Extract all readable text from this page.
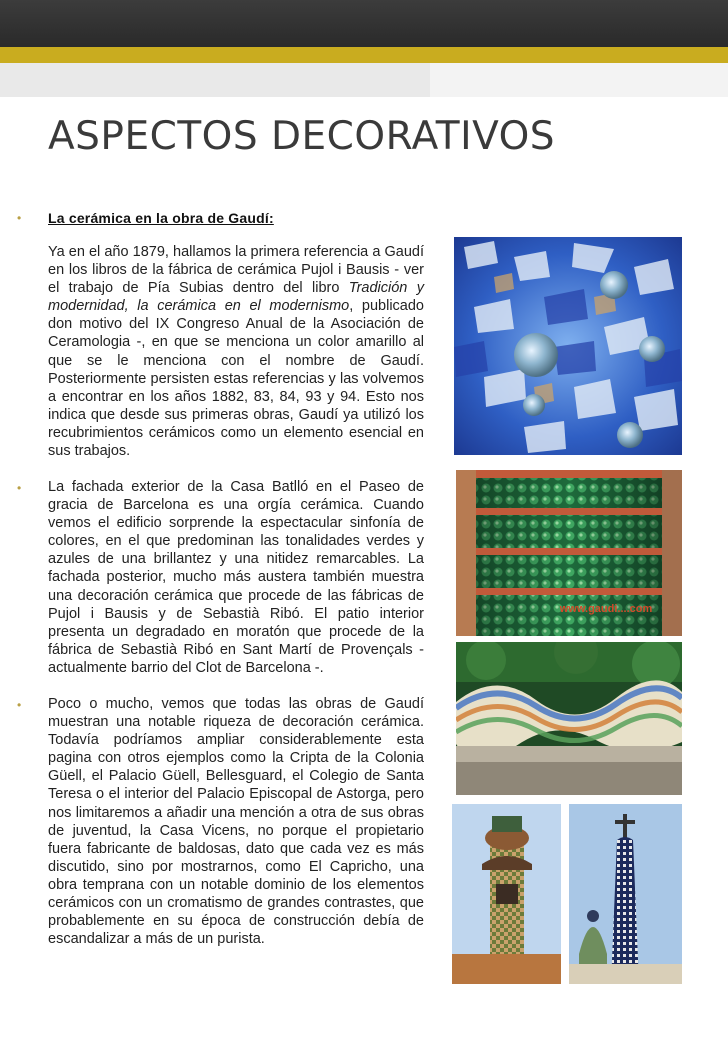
ASPECTOS DECORATIVOS
• La cerámica en la obra de Gaudí:

Ya en el año 1879, hallamos la primera referencia a Gaudí en los libros de la fábrica de cerámica Pujol i Bausis - ver el trabajo de Pía Subias dentro del libro Tradición y modernidad, la cerámica en el modernismo, publicado don motivo del IX Congreso Anual de la Asociación de Ceramologia -, en que se menciona un color amarillo al que se le menciona con el nombre de Gaudí. Posteriormente persisten estas referencias y las volvemos a encontrar en los años 1882, 83, 84, 93 y 94. Esto nos indica que desde sus primeras obras, Gaudí ya utilizó los recubrimientos cerámicos como un elemento esencial en sus trabajos.

• La fachada exterior de la Casa Batlló en el Paseo de gracia de Barcelona es una orgía cerámica. Cuando vemos el edificio sorprende la espectacular sinfonía de colores, en el que predominan las tonalidades verdes y azules de una brillantez y una nitidez remarcables. La fachada posterior, mucho más austera también muestra una decoración cerámica que procede de las fábricas de Pujol i Bausis y de Sebastià Ribó. El patio interior presenta un degradado en moratón que procede de la fábrica de Sebastià Ribó en Sant Martí de Provençals - actualmente barrio del Clot de Barcelona -.

• Poco o mucho, vemos que todas las obras de Gaudí muestran una notable riqueza de decoración cerámica. Todavía podríamos ampliar considerablemente esta pagina con otros ejemplos como la Cripta de la Colonia Güell, el Palacio Güell, Bellesguard, el Colegio de Santa Teresa o el interior del Palacio Episcopal de Astorga, pero nos limitaremos a añadir una mención a otra de sus obras de juventud, la Casa Vicens, no porque el propietario fuera fabricante de baldosas, dato que cada vez es más discutido, sino por mostrarnos, como El Capricho, una obra temprana con un notable dominio de los elementos cerámicos con un cromatismo de grandes contrastes, que probablemente en su época de construcción debía de escandalizar a más de un purista.

www.gaudi....com
